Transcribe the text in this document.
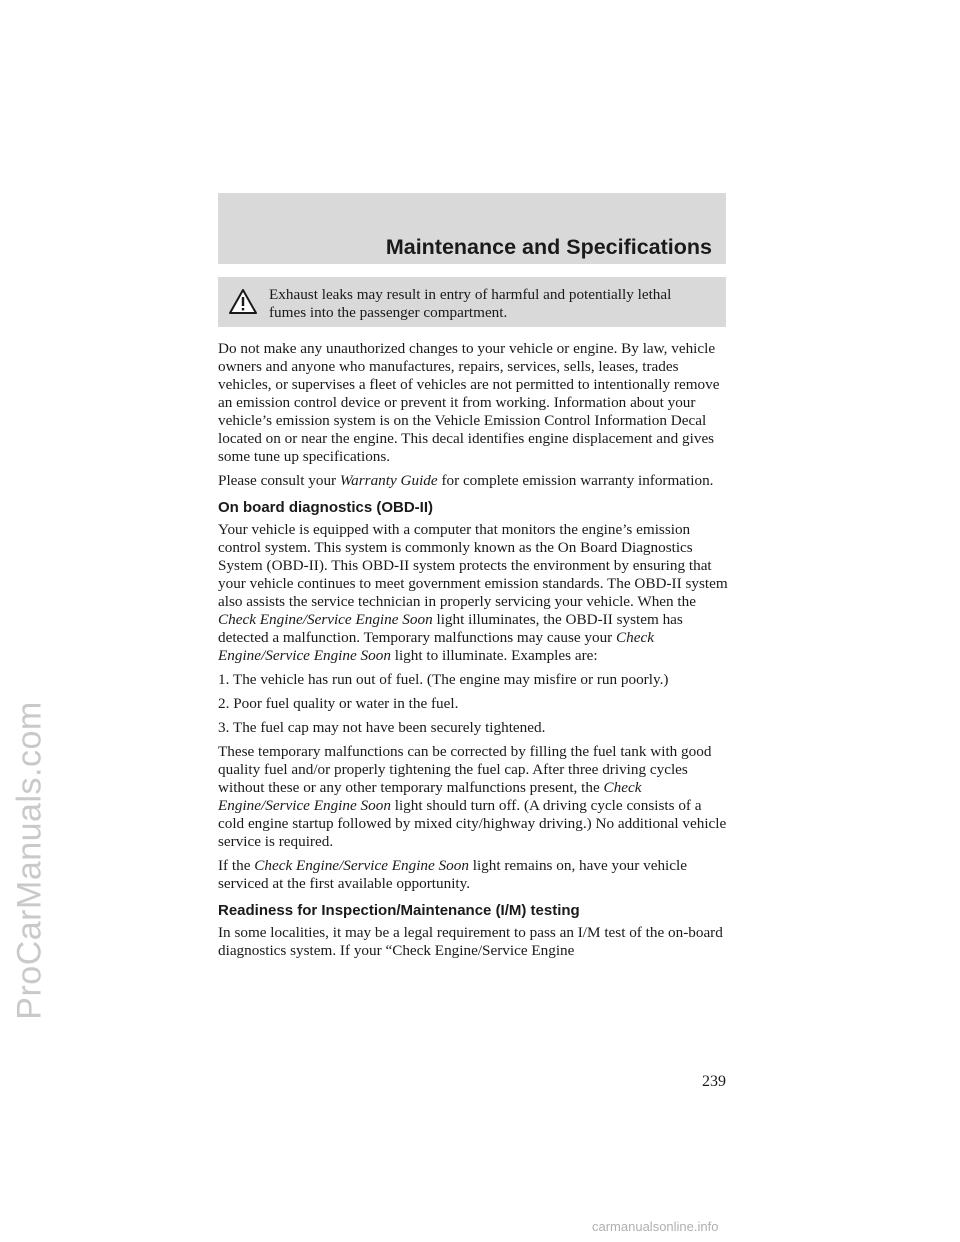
ProCarManuals.com
Maintenance and Specifications

Exhaust leaks may result in entry of harmful and potentially lethal fumes into the passenger compartment.

Do not make any unauthorized changes to your vehicle or engine. By law, vehicle owners and anyone who manufactures, repairs, services, sells, leases, trades vehicles, or supervises a fleet of vehicles are not permitted to intentionally remove an emission control device or prevent it from working. Information about your vehicle’s emission system is on the Vehicle Emission Control Information Decal located on or near the engine. This decal identifies engine displacement and gives some tune up specifications.

Please consult your Warranty Guide for complete emission warranty information.

On board diagnostics (OBD-II)

Your vehicle is equipped with a computer that monitors the engine’s emission control system. This system is commonly known as the On Board Diagnostics System (OBD-II). This OBD-II system protects the environment by ensuring that your vehicle continues to meet government emission standards. The OBD-II system also assists the service technician in properly servicing your vehicle. When the Check Engine/Service Engine Soon light illuminates, the OBD-II system has detected a malfunction. Temporary malfunctions may cause your Check Engine/Service Engine Soon light to illuminate. Examples are:

1. The vehicle has run out of fuel. (The engine may misfire or run poorly.)

2. Poor fuel quality or water in the fuel.

3. The fuel cap may not have been securely tightened.

These temporary malfunctions can be corrected by filling the fuel tank with good quality fuel and/or properly tightening the fuel cap. After three driving cycles without these or any other temporary malfunctions present, the Check Engine/Service Engine Soon light should turn off. (A driving cycle consists of a cold engine startup followed by mixed city/highway driving.) No additional vehicle service is required.

If the Check Engine/Service Engine Soon light remains on, have your vehicle serviced at the first available opportunity.

Readiness for Inspection/Maintenance (I/M) testing

In some localities, it may be a legal requirement to pass an I/M test of the on-board diagnostics system. If your “Check Engine/Service Engine

239
carmanualsonline.info
